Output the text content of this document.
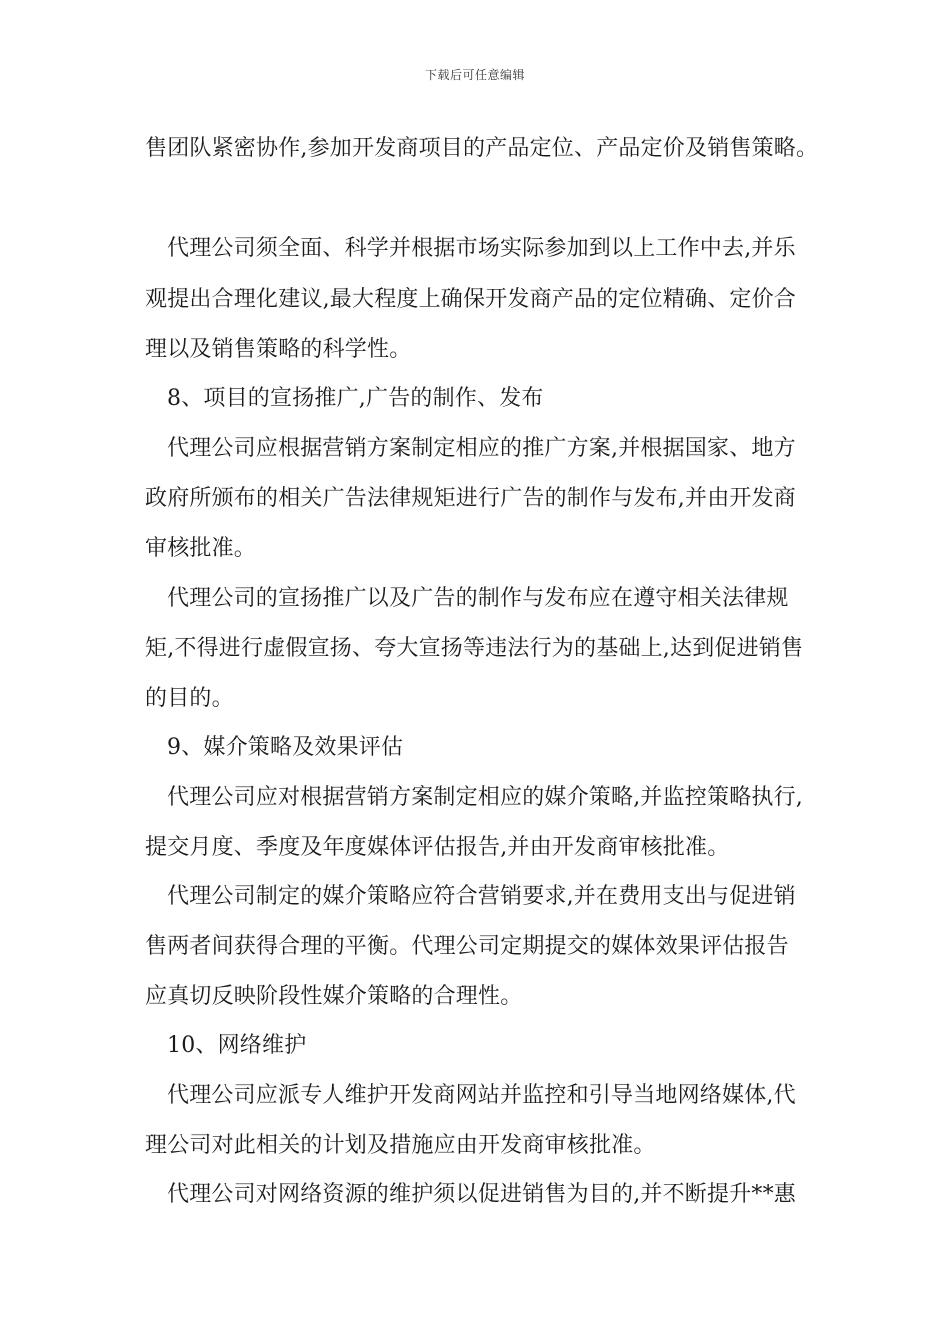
下载后可任意编辑
售团队紧密协作,参加开发商项目的产品定位、产品定价及销售策略。
代理公司须全面、科学并根据市场实际参加到以上工作中去,并乐
观提出合理化建议,最大程度上确保开发商产品的定位精确、定价合
理以及销售策略的科学性。
8、项目的宣扬推广,广告的制作、发布
代理公司应根据营销方案制定相应的推广方案,并根据国家、地方
政府所颁布的相关广告法律规矩进行广告的制作与发布,并由开发商
审核批准。
代理公司的宣扬推广以及广告的制作与发布应在遵守相关法律规
矩,不得进行虚假宣扬、夸大宣扬等违法行为的基础上,达到促进销售
的目的。
9、媒介策略及效果评估
代理公司应对根据营销方案制定相应的媒介策略,并监控策略执行,
提交月度、季度及年度媒体评估报告,并由开发商审核批准。
代理公司制定的媒介策略应符合营销要求,并在费用支出与促进销
售两者间获得合理的平衡。代理公司定期提交的媒体效果评估报告
应真切反映阶段性媒介策略的合理性。
10、网络维护
代理公司应派专人维护开发商网站并监控和引导当地网络媒体,代
理公司对此相关的计划及措施应由开发商审核批准。
代理公司对网络资源的维护须以促进销售为目的,并不断提升**惠
